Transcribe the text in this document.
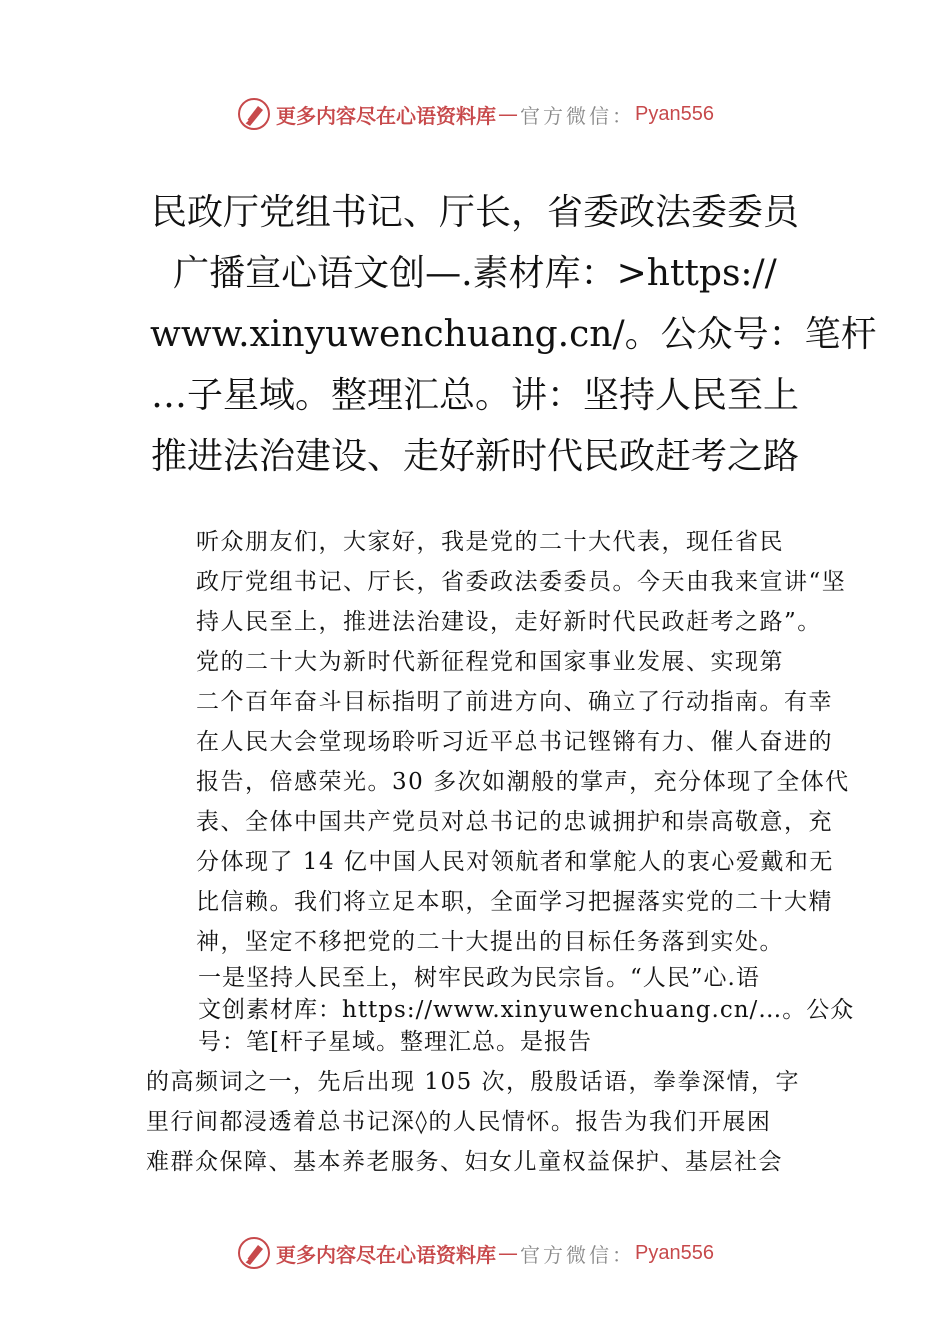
更多内容尽在心语资料库 — 官方微信： Pyan556
民政厅党组书记、厅长，省委政法委委员
广播宣心语文创—.素材库：>https://
www.xinyuwenchuang.cn/。公众号：笔杆
…子星域。整理汇总。讲：坚持人民至上
推进法治建设、走好新时代民政赶考之路
听众朋友们，大家好，我是党的二十大代表，现任省民
政厅党组书记、厅长，省委政法委委员。今天由我来宣讲“坚
持人民至上，推进法治建设，走好新时代民政赶考之路”。
党的二十大为新时代新征程党和国家事业发展、实现第
二个百年奋斗目标指明了前进方向、确立了行动指南。有幸
在人民大会堂现场聆听习近平总书记铿锵有力、催人奋进的
报告，倍感荣光。30 多次如潮般的掌声，充分体现了全体代
表、全体中国共产党员对总书记的忠诚拥护和崇高敬意，充
分体现了 14 亿中国人民对领航者和掌舵人的衷心爱戴和无
比信赖。我们将立足本职，全面学习把握落实党的二十大精
神，坚定不移把党的二十大提出的目标任务落到实处。
一是坚持人民至上，树牢民政为民宗旨。“人民”心.语
文创素材库：https://www.xinyuwenchuang.cn/…。公众
号：笔[杆子星域。整理汇总。是报告
的高频词之一，先后出现 105 次，殷殷话语，拳拳深情，字
里行间都浸透着总书记深◊的人民情怀。报告为我们开展困
难群众保障、基本养老服务、妇女儿童权益保护、基层社会
更多内容尽在心语资料库 — 官方微信： Pyan556
